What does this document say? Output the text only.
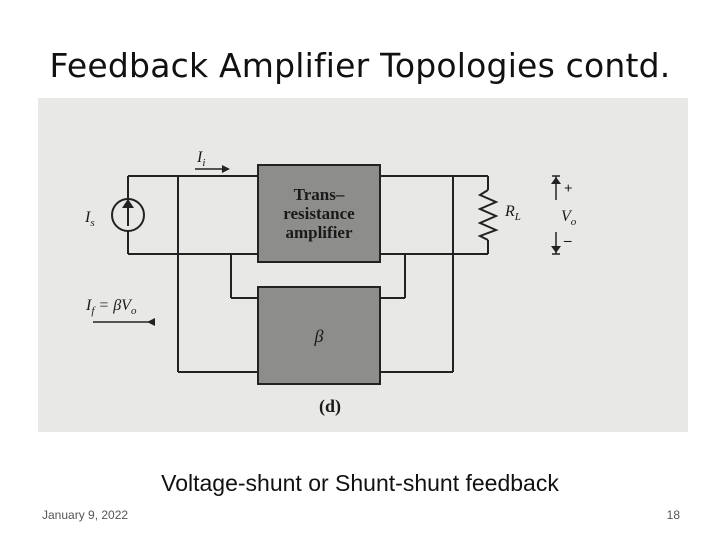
Feedback Amplifier Topologies contd.
Trans–
resistance
amplifier
β
$I_s$
$I_i$
$I_f = \beta V_o$
$R_L$	$V_o$
+
–
(d)
Voltage-shunt or Shunt-shunt feedback
January 9, 2022	18
